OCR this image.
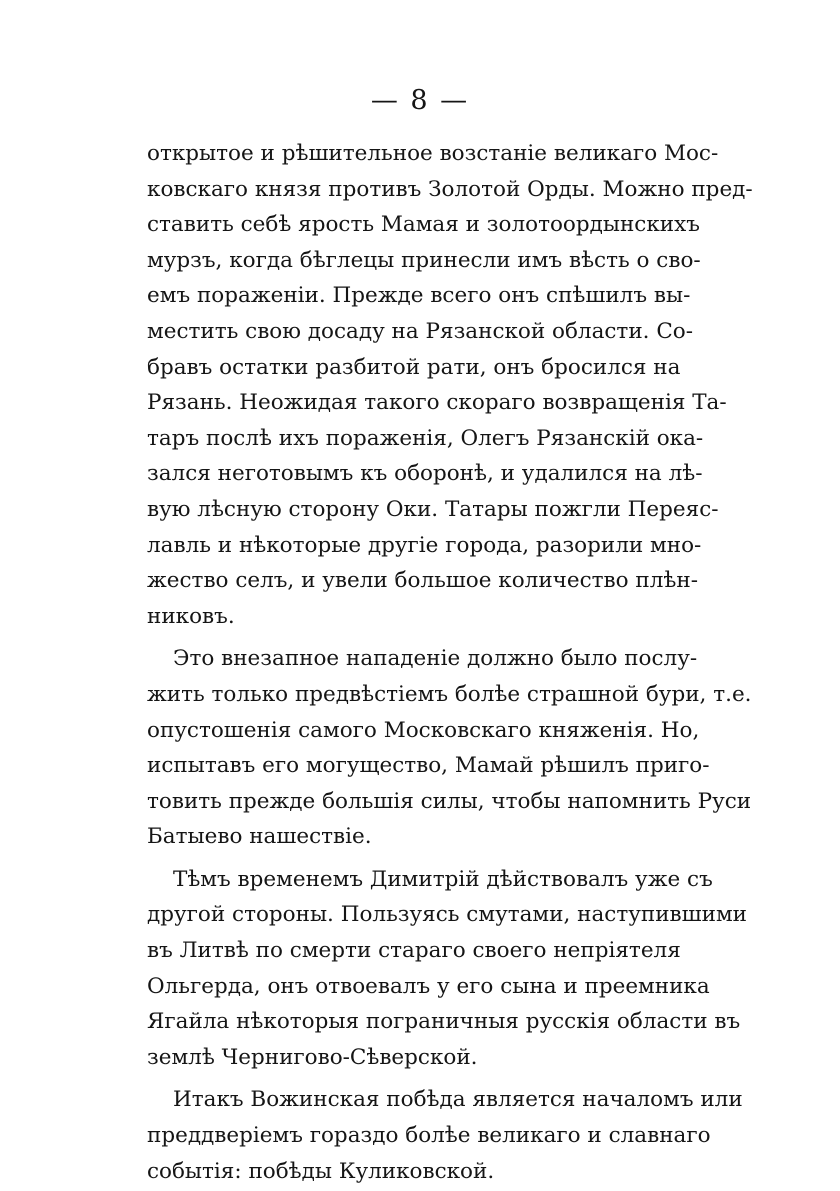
— 8 —
открытое и рѣшительное возстаніе великаго Мос-
ковскаго князя противъ Золотой Орды. Можно пред-
ставить себѣ ярость Мамая и золотоордынскихъ
мурзъ, когда бѣглецы принесли имъ вѣсть о сво-
емъ пораженіи. Прежде всего онъ спѣшилъ вы-
местить свою досаду на Рязанской области. Со-
бравъ остатки разбитой рати, онъ бросился на
Рязань. Неожидая такого скораго возвращенія Та-
таръ послѣ ихъ пораженія, Олегъ Рязанскій ока-
зался неготовымъ къ оборонѣ, и удалился на лѣ-
вую лѣсную сторону Оки. Татары пожгли Переяс-
лавль и нѣкоторые другіе города, разорили мно-
жество селъ, и увели большое количество плѣн-
никовъ.
Это внезапное нападеніе должно было послу-
жить только предвѣстіемъ болѣе страшной бури, т.е.
опустошенія самого Московскаго княженія. Но,
испытавъ его могущество, Мамай рѣшилъ приго-
товить прежде большія силы, чтобы напомнить Руси
Батыево нашествіе.
Тѣмъ временемъ Димитрій дѣйствовалъ уже съ
другой стороны. Пользуясь смутами, наступившими
въ Литвѣ по смерти стараго своего непріятеля
Ольгерда, онъ отвоевалъ у его сына и преемника
Ягайла нѣкоторыя пограничныя русскія области въ
землѣ Черниговo-Сѣверской.
Итакъ Вожинская побѣда является началомъ или
преддверіемъ гораздо болѣе великаго и славнаго
событія: побѣды Куликовской.
